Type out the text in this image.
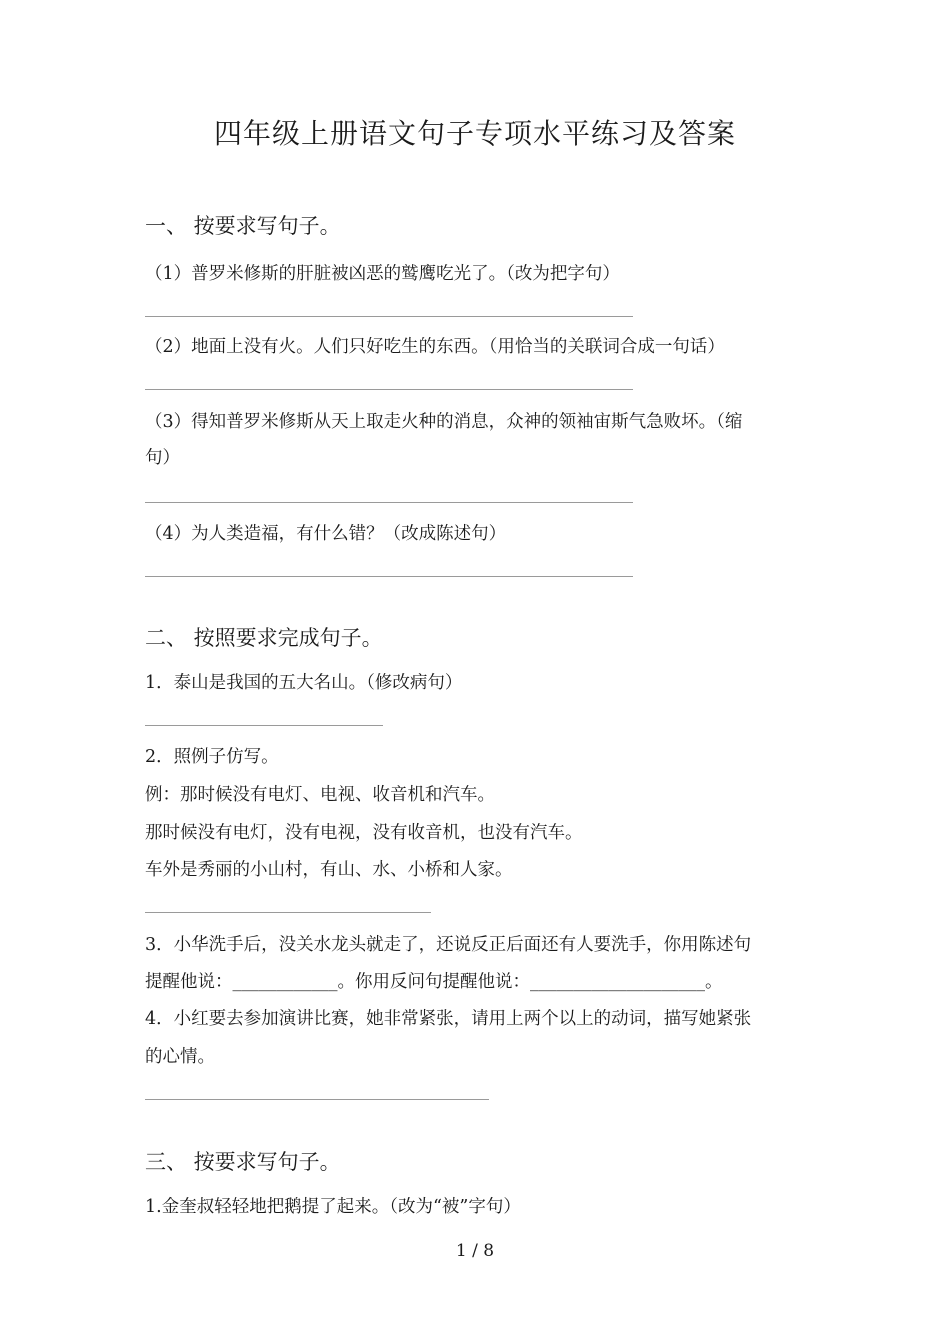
四年级上册语文句子专项水平练习及答案
一、 按要求写句子。
（1）普罗米修斯的肝脏被凶恶的鹫鹰吃光了。（改为把字句）
（2）地面上没有火。人们只好吃生的东西。（用恰当的关联词合成一句话）
（3）得知普罗米修斯从天上取走火种的消息，众神的领袖宙斯气急败坏。（缩
句）
（4）为人类造福，有什么错？（改成陈述句）
二、 按照要求完成句子。
1．泰山是我国的五大名山。（修改病句）
2．照例子仿写。
例：那时候没有电灯、电视、收音机和汽车。
那时候没有电灯，没有电视，没有收音机，也没有汽车。
车外是秀丽的小山村，有山、水、小桥和人家。
3．小华洗手后，没关水龙头就走了，还说反正后面还有人要洗手，你用陈述句
提醒他说：____________。你用反问句提醒他说：____________________。
4．小红要去参加演讲比赛，她非常紧张，请用上两个以上的动词，描写她紧张
的心情。
三、 按要求写句子。
1.金奎叔轻轻地把鹅提了起来。（改为“被”字句）
1 / 8
